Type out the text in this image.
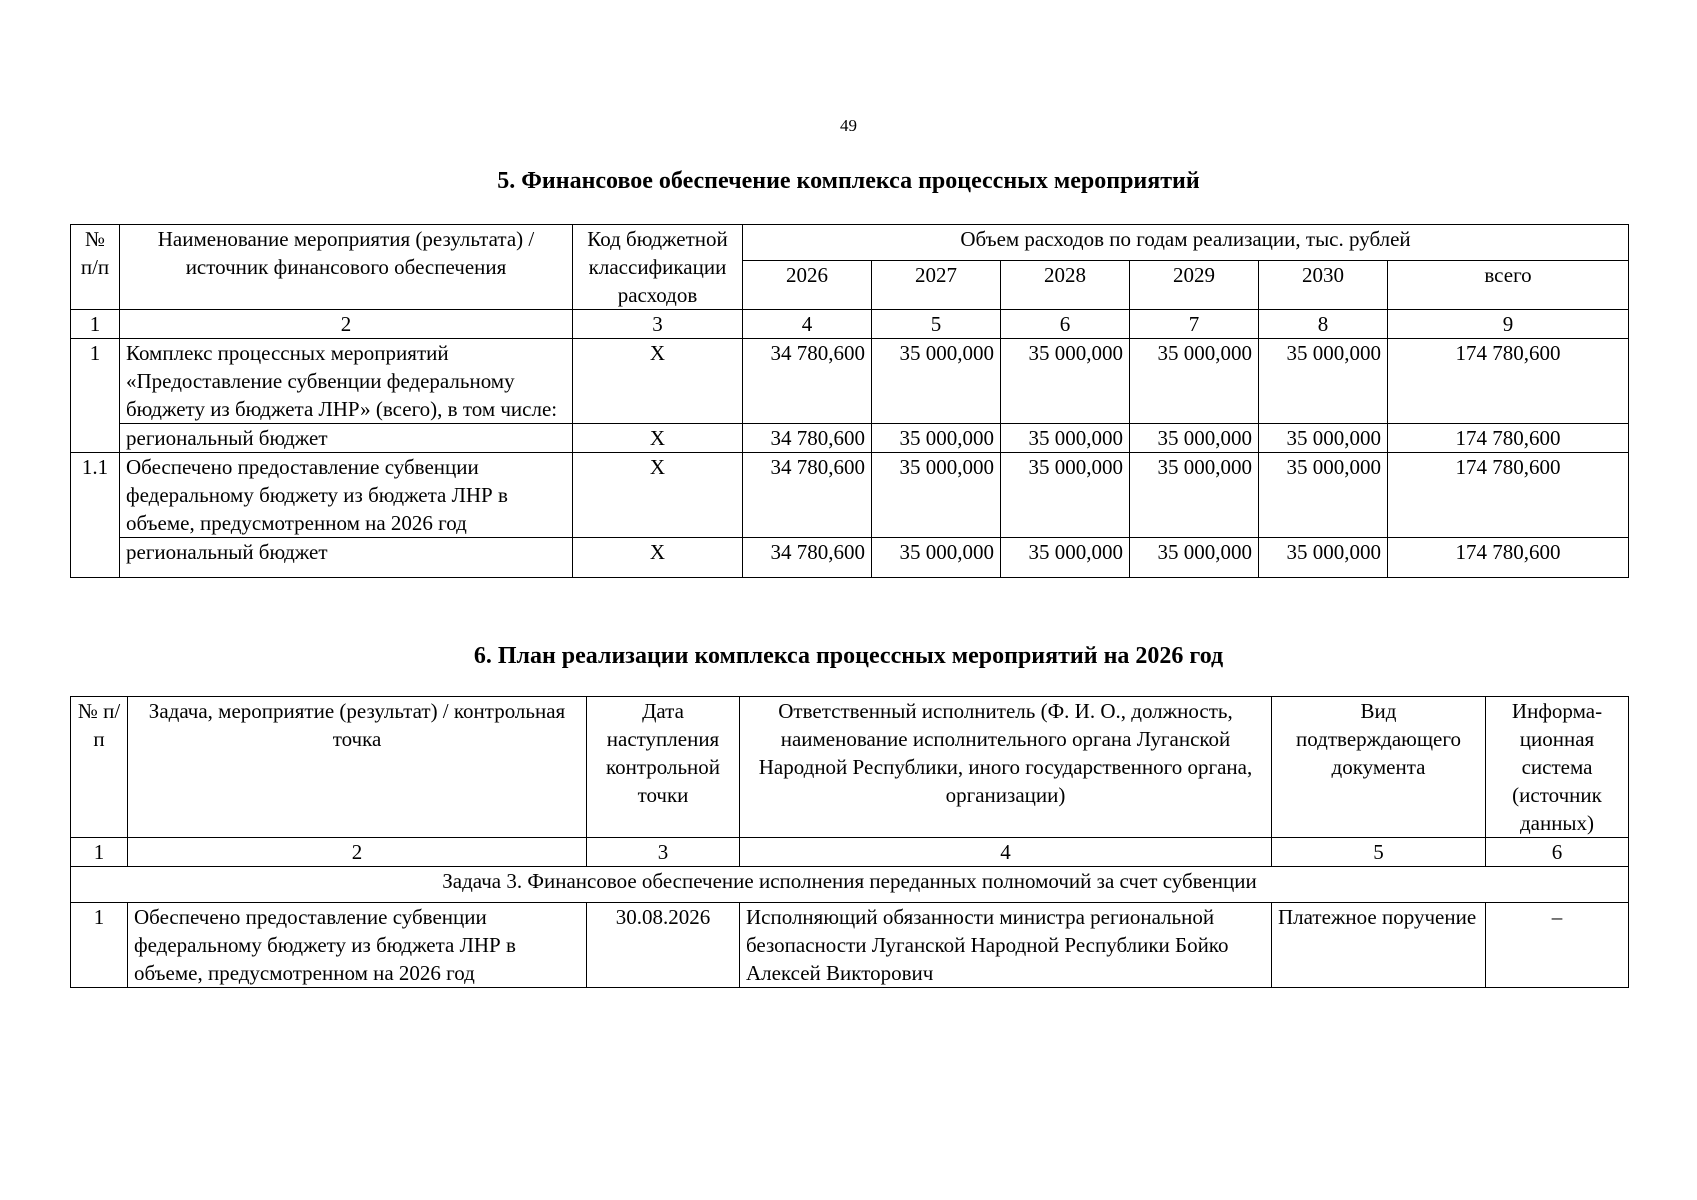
49
5. Финансовое обеспечение комплекса процессных мероприятий
№ п/п	Наименование мероприятия (результата) / источник финансового обеспечения	Код бюджетной классификации расходов	Объем расходов по годам реализации, тыс. рублей					
			2026	2027	2028	2029	2030	всего
1	2	3	4	5	6	7	8	9
1	Комплекс процессных мероприятий «Предоставление субвенции федеральному бюджету из бюджета ЛНР» (всего), в том числе:	X	34 780,600	35 000,000	35 000,000	35 000,000	35 000,000	174 780,600
	региональный бюджет	X	34 780,600	35 000,000	35 000,000	35 000,000	35 000,000	174 780,600
1.1	Обеспечено предоставление субвенции федеральному бюджету из бюджета ЛНР в объеме, предусмотренном на 2026 год	X	34 780,600	35 000,000	35 000,000	35 000,000	35 000,000	174 780,600
	региональный бюджет	X	34 780,600	35 000,000	35 000,000	35 000,000	35 000,000	174 780,600
6. План реализации комплекса процессных мероприятий на 2026 год
№ п/п	Задача, мероприятие (результат) / контрольная точка	Дата наступления контрольной точки	Ответственный исполнитель (Ф. И. О., должность, наименование исполнительного органа Луганской Народной Республики, иного государственного органа, организации)	Вид подтверждающего документа	Информа-ционная система (источник данных)
1	2	3	4	5	6
Задача 3. Финансовое обеспечение исполнения переданных полномочий за счет субвенции					
1	Обеспечено предоставление субвенции федеральному бюджету из бюджета ЛНР в объеме, предусмотренном на 2026 год	30.08.2026	Исполняющий обязанности министра региональной безопасности Луганской Народной Республики Бойко Алексей Викторович	Платежное поручение	–
